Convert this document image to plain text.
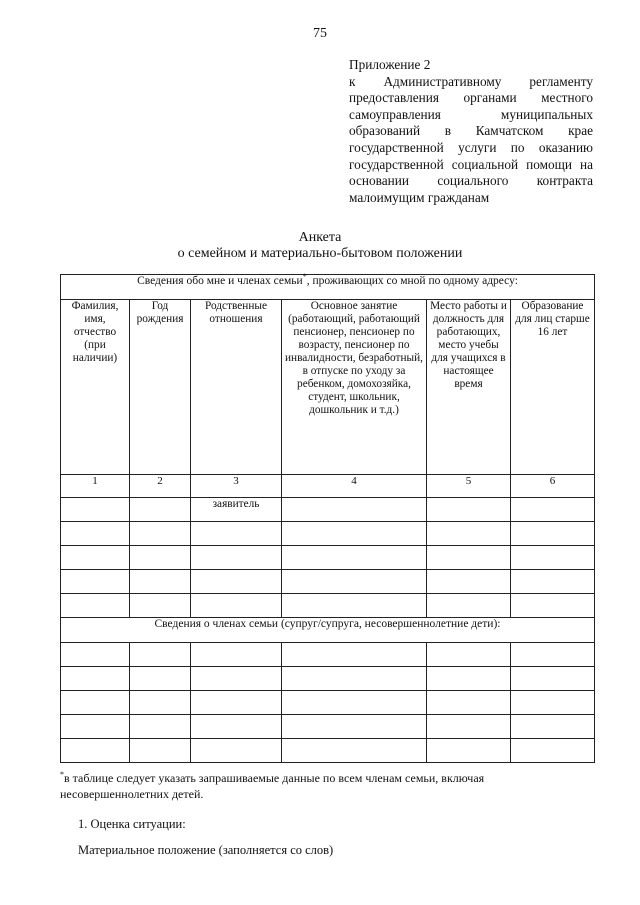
75
Приложение 2
к Административному регламенту предоставления органами местного самоуправления муниципальных образований в Камчатском крае государственной услуги по оказанию государственной социальной помощи на основании социального контракта малоимущим гражданам
Анкета
о семейном и материально-бытовом положении
Сведения обо мне и членах семьи*, проживающих со мной по одному адресу:					
Фамилия, имя, отчество (при наличии)	Год рождения	Родственные отношения	Основное занятие (работающий, работающий пенсионер, пенсионер по возрасту, пенсионер по инвалидности, безработный, в отпуске по уходу за ребенком, домохозяйка, студент, школьник, дошкольник и т.д.)	Место работы и должность для работающих, место учебы для учащихся в настоящее время	Образование для лиц старше 16 лет
1	2	3	4	5	6
		заявитель			

Сведения о членах семьи (супруг/супруга, несовершеннолетние дети):					

*в таблице следует указать запрашиваемые данные по всем членам семьи, включая
несовершеннолетних детей.
1. Оценка ситуации:
Материальное положение (заполняется со слов)
